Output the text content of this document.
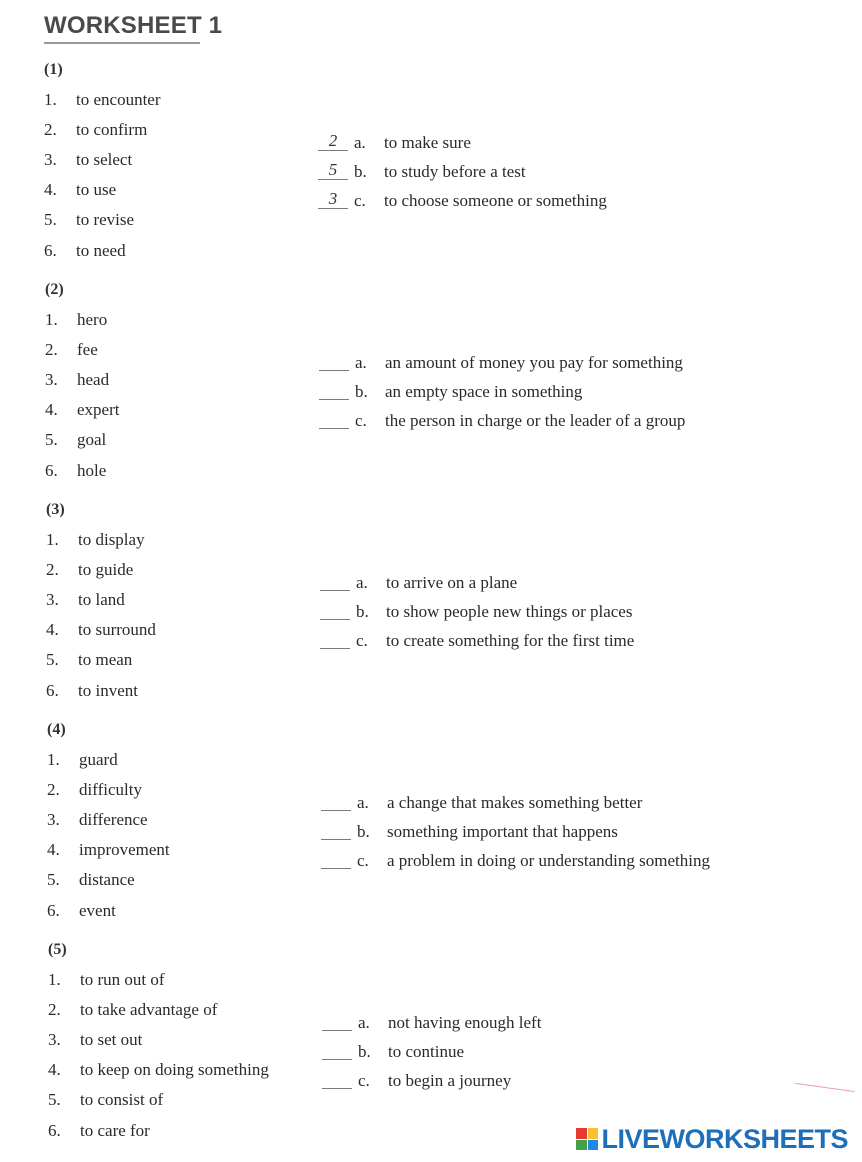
WORKSHEET 1
(1)
1. to encounter
2. to confirm
3. to select
4. to use
5. to revise
6. to need
2 a. to make sure
5 b. to study before a test
3 c. to choose someone or something
(2)
1. hero
2. fee
3. head
4. expert
5. goal
6. hole
a. an amount of money you pay for something
b. an empty space in something
c. the person in charge or the leader of a group
(3)
1. to display
2. to guide
3. to land
4. to surround
5. to mean
6. to invent
a. to arrive on a plane
b. to show people new things or places
c. to create something for the first time
(4)
1. guard
2. difficulty
3. difference
4. improvement
5. distance
6. event
a. a change that makes something better
b. something important that happens
c. a problem in doing or understanding something
(5)
1. to run out of
2. to take advantage of
3. to set out
4. to keep on doing something
5. to consist of
6. to care for
a. not having enough left
b. to continue
c. to begin a journey
LIVEWORKSHEETS
